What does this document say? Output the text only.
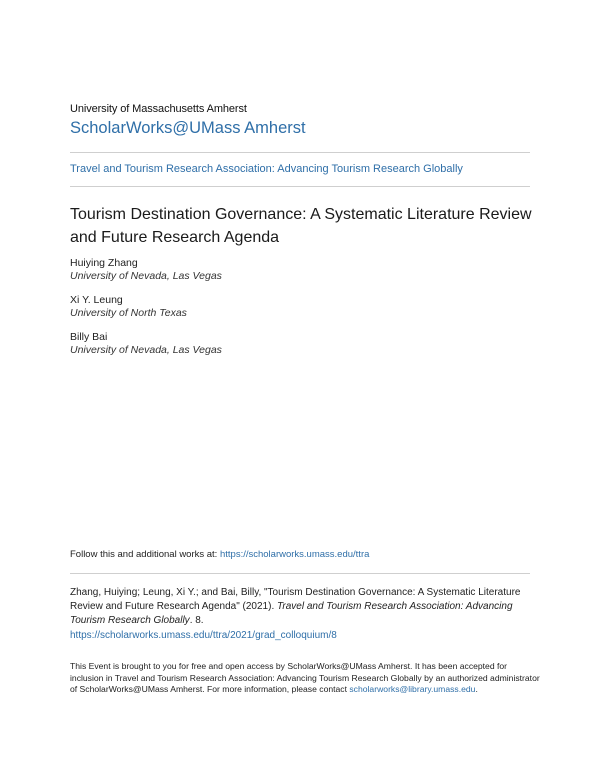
University of Massachusetts Amherst
ScholarWorks@UMass Amherst
Travel and Tourism Research Association: Advancing Tourism Research Globally
Tourism Destination Governance: A Systematic Literature Review and Future Research Agenda
Huiying Zhang
University of Nevada, Las Vegas
Xi Y. Leung
University of North Texas
Billy Bai
University of Nevada, Las Vegas
Follow this and additional works at: https://scholarworks.umass.edu/ttra
Zhang, Huiying; Leung, Xi Y.; and Bai, Billy, "Tourism Destination Governance: A Systematic Literature Review and Future Research Agenda" (2021). Travel and Tourism Research Association: Advancing Tourism Research Globally. 8.
https://scholarworks.umass.edu/ttra/2021/grad_colloquium/8
This Event is brought to you for free and open access by ScholarWorks@UMass Amherst. It has been accepted for inclusion in Travel and Tourism Research Association: Advancing Tourism Research Globally by an authorized administrator of ScholarWorks@UMass Amherst. For more information, please contact scholarworks@library.umass.edu.
